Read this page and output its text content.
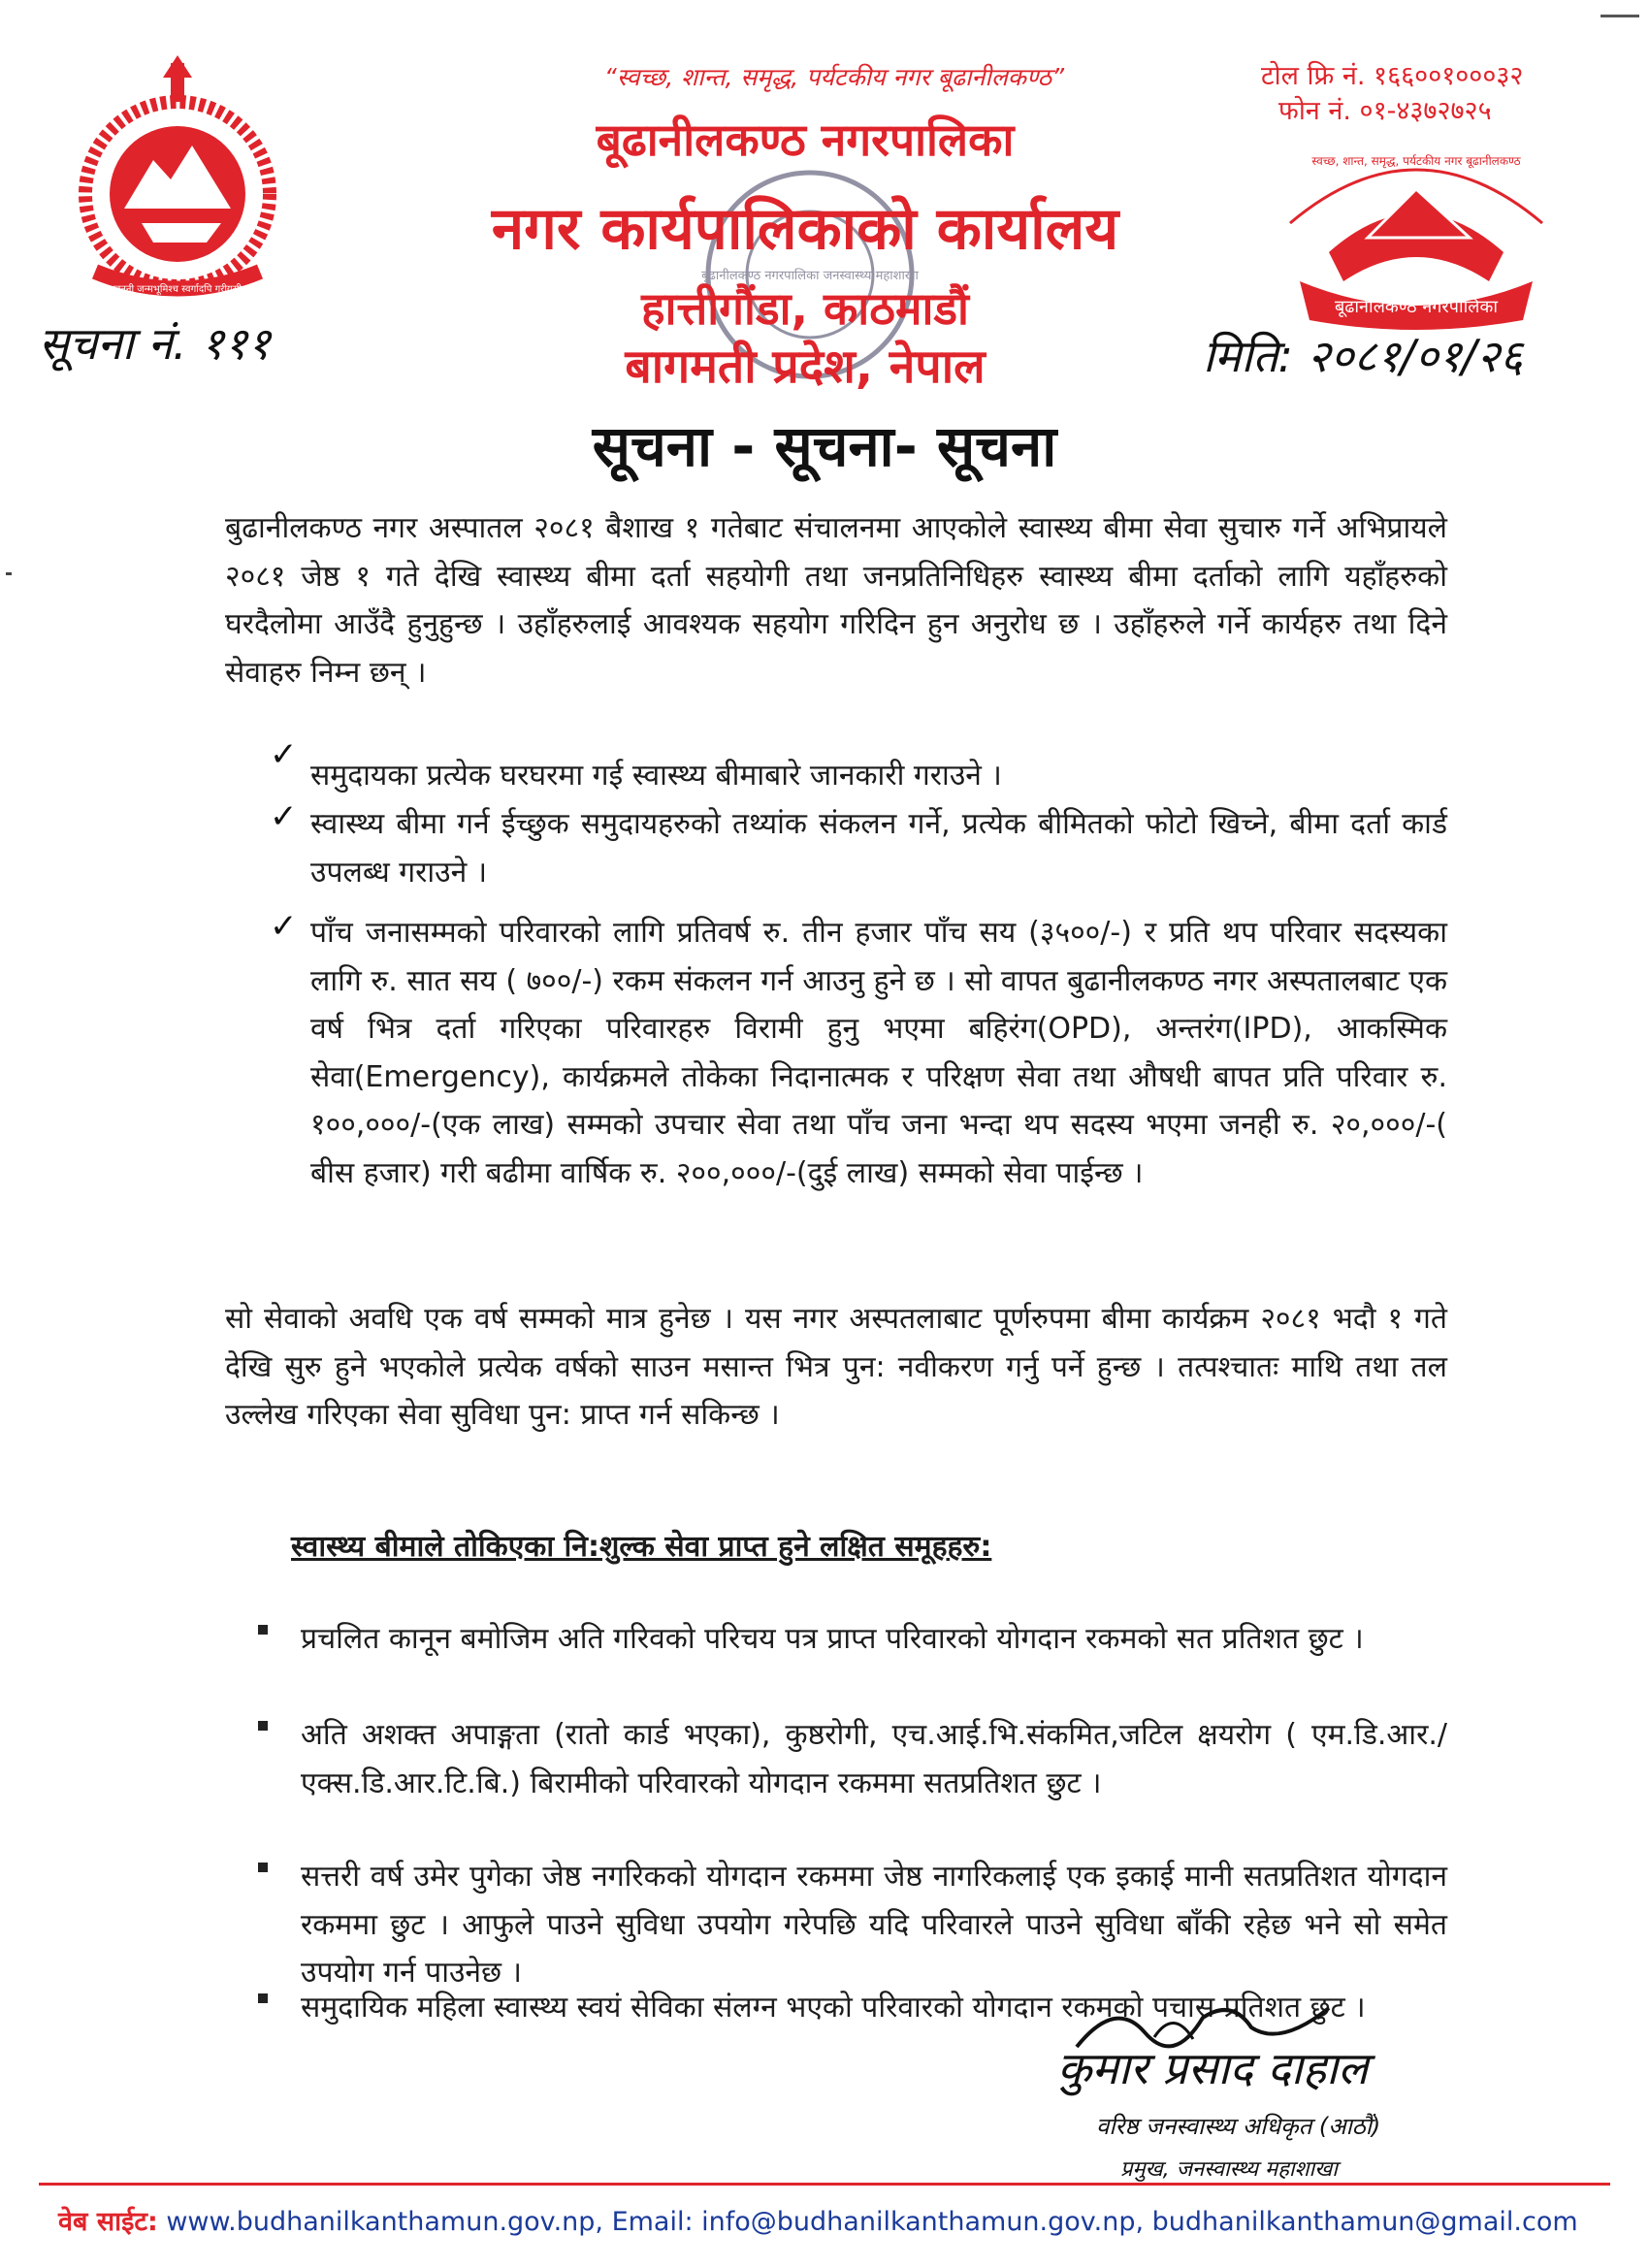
जननी जन्मभूमिश्च स्वर्गादपि गरीयसी
स्वच्छ, शान्त, समृद्ध, पर्यटकीय नगर बूढानीलकण्ठ
बूढानीलकण्ठ नगरपालिका
बूढानीलकण्ठ नगरपालिका जनस्वास्थ्य महाशाखा
“स्वच्छ, शान्त, समृद्ध, पर्यटकीय नगर बूढानीलकण्ठ”	टोल फ्रि नं. १६६००१०००३२
फोन नं. ०१-४३७२७२५
बूढानीलकण्ठ नगरपालिका
नगर कार्यपालिकाको कार्यालय
हात्तीगौंडा, काठमाडौं
बागमती प्रदेश, नेपाल
सूचना नं. १११	मिति: २०८१/०१/२६
सूचना - सूचना- सूचना
बुढानीलकण्ठ नगर अस्पातल २०८१ बैशाख १ गतेबाट संचालनमा आएकोले स्वास्थ्य बीमा सेवा सुचारु गर्ने अभिप्रायले २०८१ जेष्ठ १ गते देखि स्वास्थ्य बीमा दर्ता सहयोगी तथा जनप्रतिनिधिहरु स्वास्थ्य बीमा दर्ताको लागि यहाँहरुको घरदैलोमा आउँदै हुनुहुन्छ । उहाँहरुलाई आवश्यक सहयोग गरिदिन हुन अनुरोध छ । उहाँहरुले गर्ने कार्यहरु तथा दिने सेवाहरु निम्न छन् ।
✓
समुदायका प्रत्येक घरघरमा गई स्वास्थ्य बीमाबारे जानकारी गराउने ।
✓ स्वास्थ्य बीमा गर्न ईच्छुक समुदायहरुको तथ्यांक संकलन गर्ने, प्रत्येक बीमितको फोटो खिच्ने, बीमा दर्ता कार्ड उपलब्ध गराउने ।
✓ पाँच जनासम्मको परिवारको लागि प्रतिवर्ष रु. तीन हजार पाँच सय (३५००/-) र प्रति थप परिवार सदस्यका लागि रु. सात सय ( ७००/-) रकम संकलन गर्न आउनु हुने छ । सो वापत बुढानीलकण्ठ नगर अस्पतालबाट एक वर्ष भित्र दर्ता गरिएका परिवारहरु विरामी हुनु भएमा बहिरंग(OPD), अन्तरंग(IPD), आकस्मिक सेवा(Emergency), कार्यक्रमले तोकेका निदानात्मक र परिक्षण सेवा तथा औषधी बापत प्रति परिवार रु. १००,०००/-(एक लाख) सम्मको उपचार सेवा तथा पाँच जना भन्दा थप सदस्य भएमा जनही रु. २०,०००/-( बीस हजार) गरी बढीमा वार्षिक रु. २००,०००/-(दुई लाख) सम्मको सेवा पाईन्छ ।
सो सेवाको अवधि एक वर्ष सम्मको मात्र हुनेछ । यस नगर अस्पतलाबाट पूर्णरुपमा बीमा कार्यक्रम २०८१ भदौ १ गते देखि सुरु हुने भएकोले प्रत्येक वर्षको साउन मसान्त भित्र पुन: नवीकरण गर्नु पर्ने हुन्छ । तत्पश्चातः माथि तथा तल उल्लेख गरिएका सेवा सुविधा पुन: प्राप्त गर्न सकिन्छ ।
स्वास्थ्य बीमाले तोकिएका नि:शुल्क सेवा प्राप्त हुने लक्षित समूहहरु:
प्रचलित कानून बमोजिम अति गरिवको परिचय पत्र प्राप्त परिवारको योगदान रकमको सत प्रतिशत छुट ।
अति अशक्त अपाङ्गता (रातो कार्ड भएका), कुष्ठरोगी, एच.आई.भि.संकमित,जटिल क्षयरोग ( एम.डि.आर./एक्स.डि.आर.टि.बि.) बिरामीको परिवारको योगदान रकममा सतप्रतिशत छुट ।
सत्तरी वर्ष उमेर पुगेका जेष्ठ नगरिकको योगदान रकममा जेष्ठ नागरिकलाई एक इकाई मानी सतप्रतिशत योगदान रकममा छुट । आफुले पाउने सुविधा उपयोग गरेपछि यदि परिवारले पाउने सुविधा बाँकी रहेछ भने सो समेत उपयोग गर्न पाउनेछ ।
समुदायिक महिला स्वास्थ्य स्वयं सेविका संलग्न भएको परिवारको योगदान रकमको पचास प्रतिशत छुट ।
कुमार प्रसाद दाहाल
वरिष्ठ जनस्वास्थ्य अधिकृत (आठौं)
प्रमुख, जनस्वास्थ्य महाशाखा
वेब साईट: www.budhanilkanthamun.gov.np, Email: info@budhanilkanthamun.gov.np, budhanilkanthamun@gmail.com
